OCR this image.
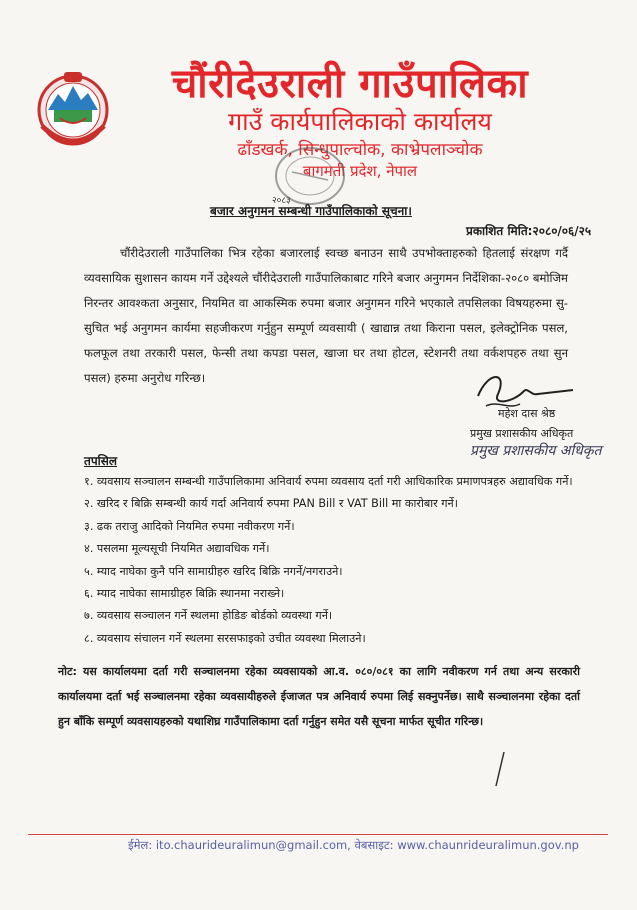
चौंरीदेउराली गाउँपालिका
गाउँ कार्यपालिकाको कार्यालय
ढाँडखर्क, सिन्धुपाल्चोक, काभ्रेपलाञ्चोक
बागमती प्रदेश, नेपाल
२०८३
बजार अनुगमन सम्बन्धी गाउँपालिकाको सूचना।
प्रकाशित मिति:२०८०/०६/२५
चौंरीदेउराली गाउँपालिका भित्र रहेका बजारलाई स्वच्छ बनाउन साथै उपभोक्ताहरुको हितलाई संरक्षण गर्दै व्यवसायिक सुशासन कायम गर्ने उद्देश्यले चौंरीदेउराली गाउँपालिकाबाट गरिने बजार अनुगमन निर्देशिका-२०८० बमोजिम निरन्तर आवश्कता अनुसार, नियमित वा आकस्मिक रुपमा बजार अनुगमन गरिने भएकाले तपसिलका विषयहरुमा सु-सुचित भई अनुगमन कार्यमा सहजीकरण गर्नुहुन सम्पूर्ण व्यवसायी ( खाद्यान्न तथा किराना पसल, इलेक्ट्रोनिक पसल, फलफूल तथा तरकारी पसल, फेन्सी तथा कपडा पसल, खाजा घर तथा होटल, स्टेशनरी तथा वर्कशपहरु तथा सुन पसल) हरुमा अनुरोध गरिन्छ।
महेश दास श्रेष्ठ
प्रमुख प्रशासकीय अधिकृत
प्रमुख प्रशासकीय अधिकृत
तपसिल
१. व्यवसाय सञ्चालन सम्बन्धी गाउँपालिकामा अनिवार्य रुपमा व्यवसाय दर्ता गरी आधिकारिक प्रमाणपत्रहरु अद्यावधिक गर्ने।
२. खरिद र बिक्रि सम्बन्धी कार्य गर्दा अनिवार्य रुपमा PAN Bill र VAT Bill मा कारोबार गर्ने।
३. ढक तराजु आदिको नियमित रुपमा नवीकरण गर्ने।
४. पसलमा मूल्यसूची नियमित अद्यावधिक गर्ने।
५. म्याद नाघेका कुनै पनि सामाग्रीहरु खरिद बिक्रि नगर्ने/नगराउने।
६. म्याद नाघेका सामाग्रीहरु बिक्रि स्थानमा नराख्ने।
७. व्यवसाय सञ्चालन गर्ने स्थलमा होडिङ बोर्डको व्यवस्था गर्ने।
८. व्यवसाय संचालन गर्ने स्थलमा सरसफाइको उचीत व्यवस्था मिलाउने।
नोट: यस कार्यालयमा दर्ता गरी सञ्चालनमा रहेका व्यवसायको आ.व. ०८०/०८१ का लागि नवीकरण गर्न तथा अन्य सरकारी कार्यालयमा दर्ता भई सञ्चालनमा रहेका व्यवसायीहरुले ईजाजत पत्र अनिवार्य रुपमा लिई सक्नुपर्नेछ। साथै सञ्चालनमा रहेका दर्ता हुन बाँकि सम्पूर्ण व्यवसायहरुको यथाशिघ्र गाउँपालिकामा दर्ता गर्नुहुन समेत यसै सूचना मार्फत सूचीत गरिन्छ।
ईमेल: ito.chaurideuralimun@gmail.com, वेबसाइट: www.chaunrideuralimun.gov.np
